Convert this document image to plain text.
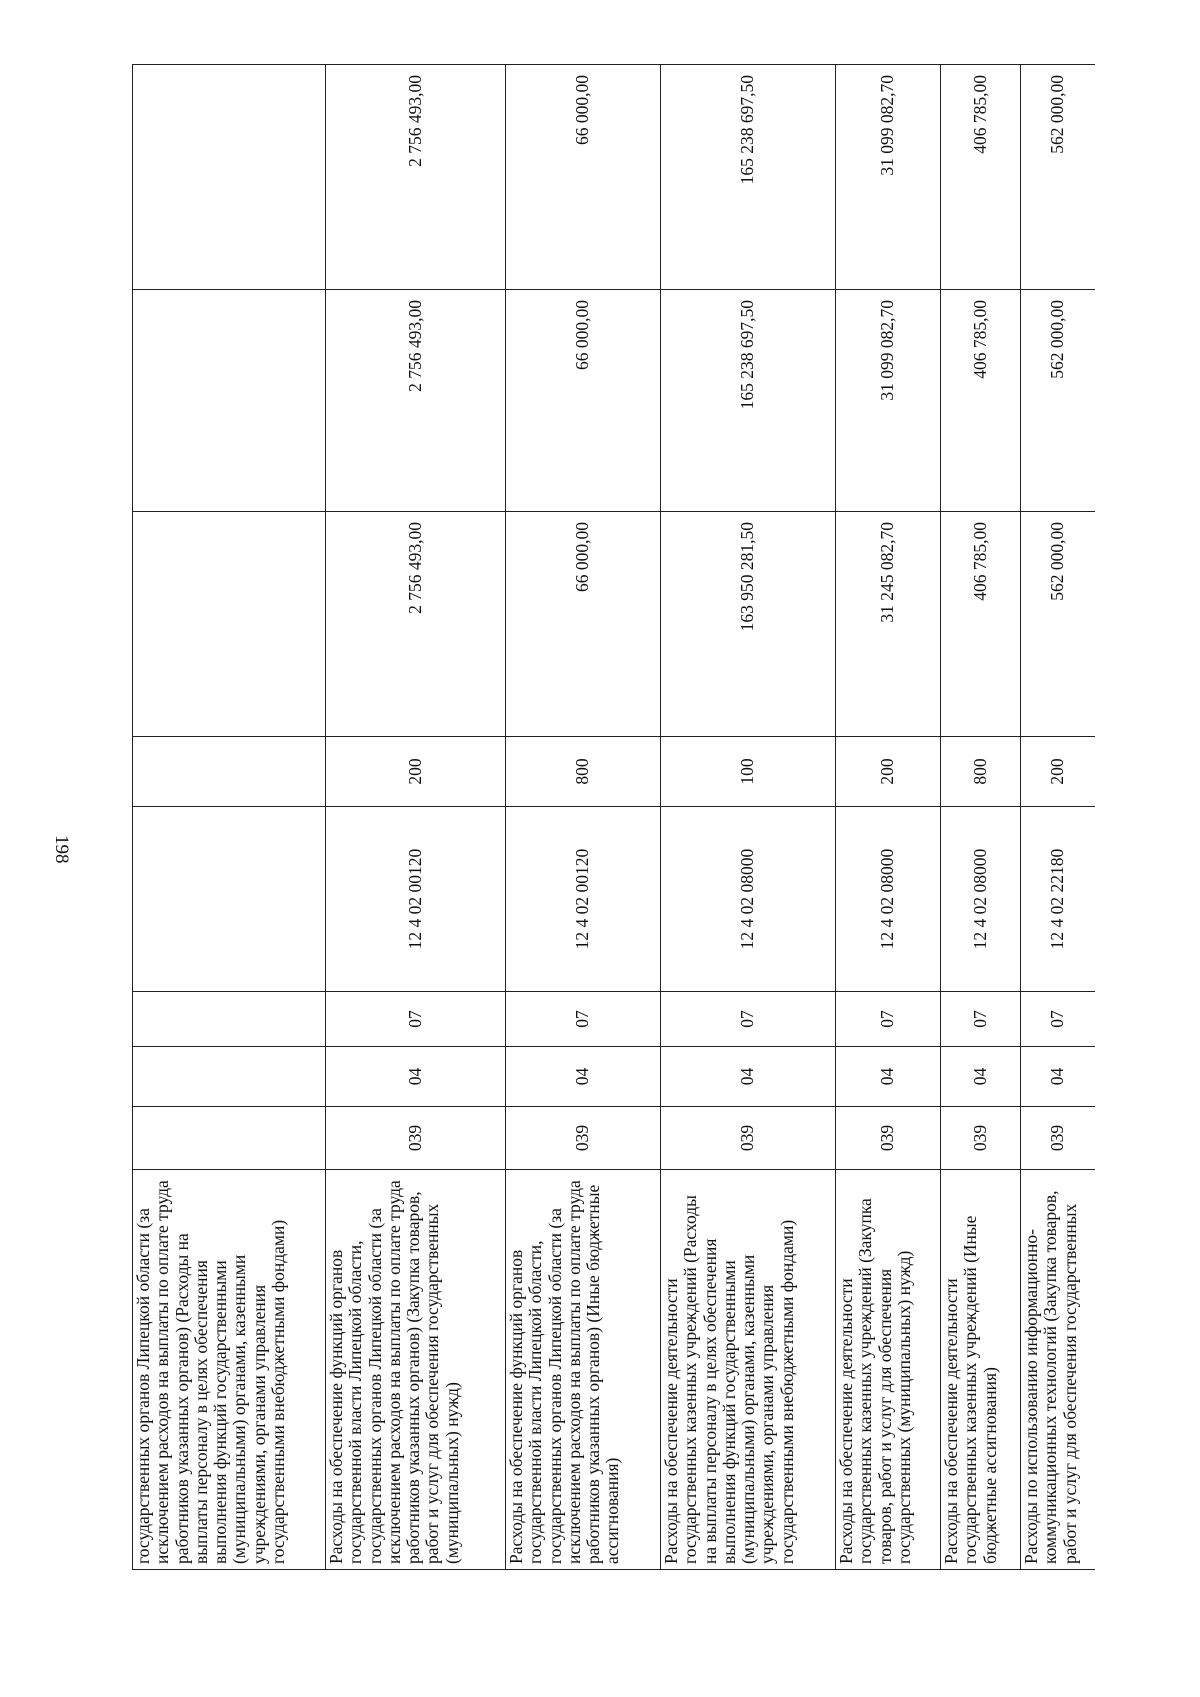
198
государственных органов Липецкой области (за исключением расходов на выплаты по оплате труда работников указанных органов) (Расходы на выплаты персоналу в целях обеспечения выполнения функций государственными (муниципальными) органами, казенными учреждениями, органами управления государственными внебюджетными фондами)								
Расходы на обеспечение функций органов государственной власти Липецкой области, государственных органов Липецкой области (за исключением расходов на выплаты по оплате труда работников указанных органов) (Закупка товаров, работ и услуг для обеспечения государственных (муниципальных) нужд)	039	04	07	12 4 02 00120	200	2 756 493,00	2 756 493,00	2 756 493,00
Расходы на обеспечение функций органов государственной власти Липецкой области, государственных органов Липецкой области (за исключением расходов на выплаты по оплате труда работников указанных органов) (Иные бюджетные ассигнования)	039	04	07	12 4 02 00120	800	66 000,00	66 000,00	66 000,00
Расходы на обеспечение деятельности государственных казенных учреждений (Расходы на выплаты персоналу в целях обеспечения выполнения функций государственными (муниципальными) органами, казенными учреждениями, органами управления государственными внебюджетными фондами)	039	04	07	12 4 02 08000	100	163 950 281,50	165 238 697,50	165 238 697,50
Расходы на обеспечение деятельности государственных казенных учреждений (Закупка товаров, работ и услуг для обеспечения государственных (муниципальных) нужд)	039	04	07	12 4 02 08000	200	31 245 082,70	31 099 082,70	31 099 082,70
Расходы на обеспечение деятельности государственных казенных учреждений (Иные бюджетные ассигнования)	039	04	07	12 4 02 08000	800	406 785,00	406 785,00	406 785,00
Расходы по использованию информационно-коммуникационных технологий (Закупка товаров, работ и услуг для обеспечения государственных	039	04	07	12 4 02 22180	200	562 000,00	562 000,00	562 000,00
